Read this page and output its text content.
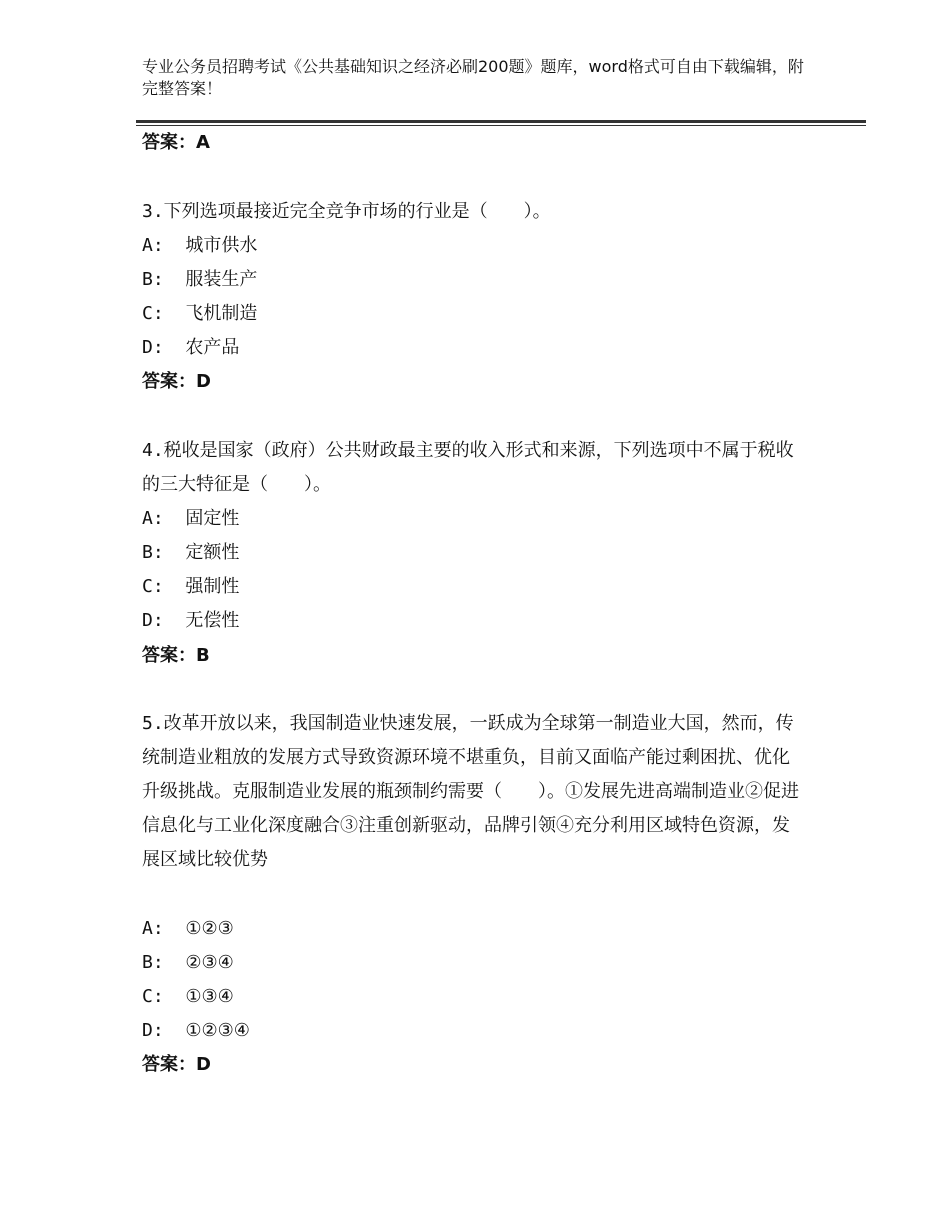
专业公务员招聘考试《公共基础知识之经济必刷200题》题库，word格式可自由下载编辑，附完整答案！
答案：A
3.下列选项最接近完全竞争市场的行业是（　　）。
A:  城市供水
B:  服装生产
C:  飞机制造
D:  农产品
答案：D
4.税收是国家（政府）公共财政最主要的收入形式和来源，下列选项中不属于税收的三大特征是（　　）。
A:  固定性
B:  定额性
C:  强制性
D:  无偿性
答案：B
5.改革开放以来，我国制造业快速发展，一跃成为全球第一制造业大国，然而，传统制造业粗放的发展方式导致资源环境不堪重负，目前又面临产能过剩困扰、优化升级挑战。克服制造业发展的瓶颈制约需要（　　）。①发展先进高端制造业②促进信息化与工业化深度融合③注重创新驱动，品牌引领④充分利用区域特色资源，发展区域比较优势
A:  ①②③
B:  ②③④
C:  ①③④
D:  ①②③④
答案：D
